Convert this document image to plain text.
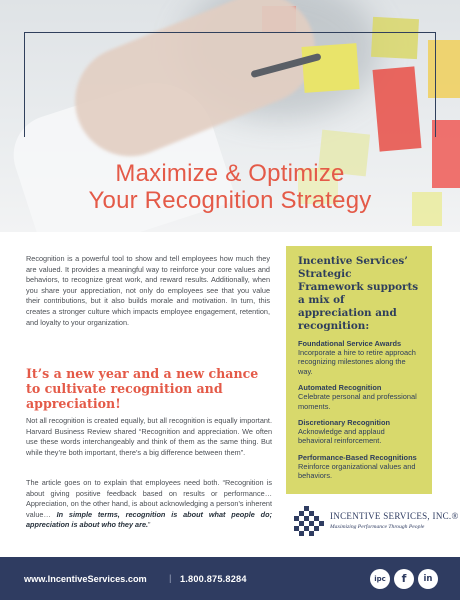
Maximize & Optimize
Your Recognition Strategy

Recognition is a powerful tool to show and tell employees how much they are valued. It provides a meaningful way to reinforce your core values and behaviors, to recognize great work, and reward results. Additionally, when you share your appreciation, not only do employees see that you value their contributions, but it also builds morale and motivation. In turn, this creates a stronger culture which impacts employee engagement, retention, and loyalty to your organization.

It’s a new year and a new chance to cultivate recognition and appreciation!

Not all recognition is created equally, but all recognition is equally important. Harvard Business Review shared “Recognition and appreciation. We often use these words interchangeably and think of them as the same thing. But while they’re both important, there’s a big difference between them”.

The article goes on to explain that employees need both. “Recognition is about giving positive feedback based on results or performance… Appreciation, on the other hand, is about acknowledging a person’s inherent value… In simple terms, recognition is about what people do; appreciation is about who they are.”

Incentive Services’ Strategic Framework supports a mix of appreciation and recognition:

Foundational Service Awards
Incorporate a hire to retire approach recognizing milestones along the way.
Automated Recognition
Celebrate personal and professional moments.
Discretionary Recognition
Acknowledge and applaud behavioral reinforcement.
Performance-Based Recognitions
Reinforce organizational values and behaviors.
INCENTIVE SERVICES, INC.®
Maximizing Performance Through People
www.IncentiveServices.com | 1.800.875.8284	ipc	f	in
